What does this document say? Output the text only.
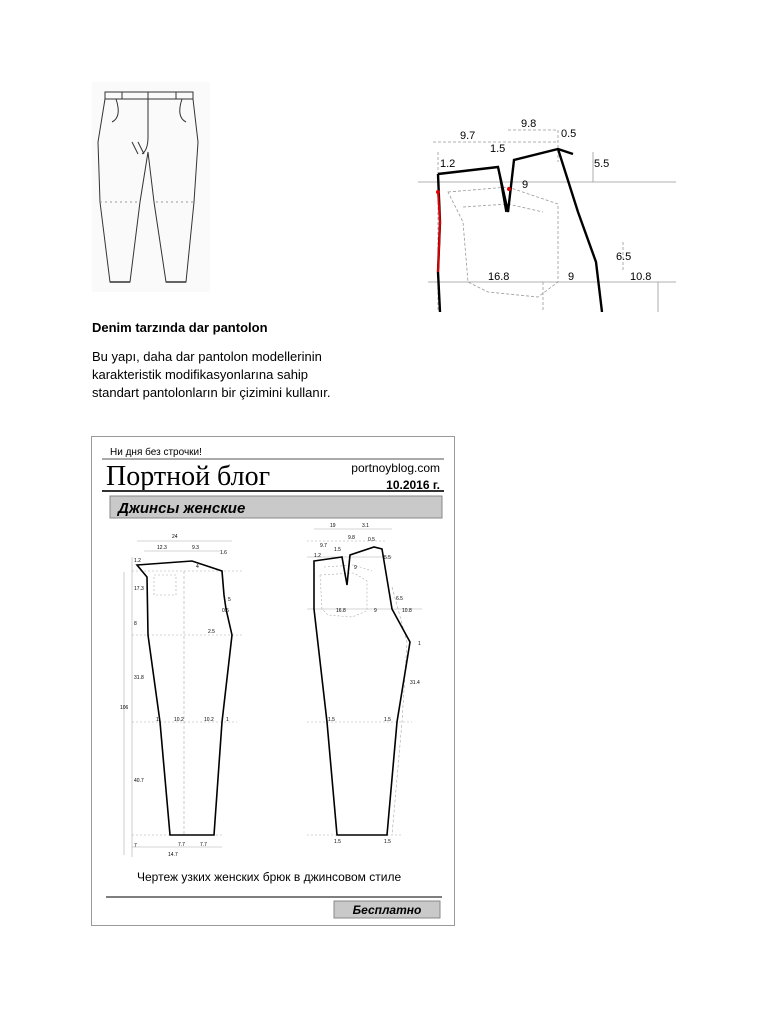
9.7
9.8
0.5
1.5
1.2	5.5
9
6.5
16.8	9	10.8
Denim tarzında dar pantolon
Bu yapı, daha dar pantolon modellerinin
karakteristik modifikasyonlarına sahip
standart pantolonların bir çizimini kullanır.
Ни дня без строчки!
Портной блог	portnoyblog.com
10.2016 г.
Джинсы женские
24
12.3	9.3
1.6
1.2
4
17.3
5
0.5
8
2.5
31.8
106
1	10.2	10.2 1
40.7
7	7.7	7.7
14.7
19	3.1
9.7
9.8	0.5
1.5
1.2	5.5
9
6.5
16.8	9	10.8
1
31.4
1.5	1.5
1.5	1.5
Чертеж узких женских брюк в джинсовом стиле
Бесплатно
